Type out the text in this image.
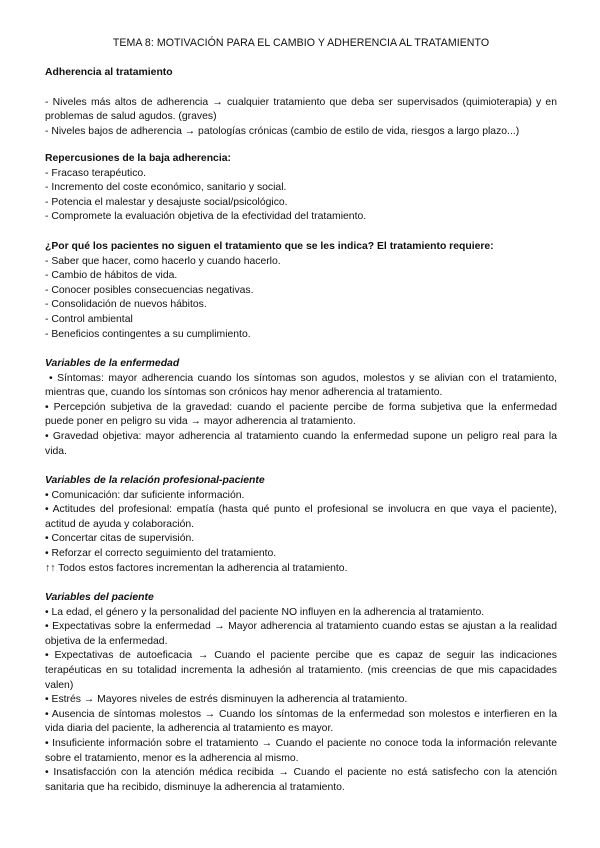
TEMA 8: MOTIVACIÓN PARA EL CAMBIO Y ADHERENCIA AL TRATAMIENTO

Adherencia al tratamiento

- Niveles más altos de adherencia → cualquier tratamiento que deba ser supervisados (quimioterapia) y en problemas de salud agudos. (graves)

- Niveles bajos de adherencia → patologías crónicas (cambio de estilo de vida, riesgos a largo plazo...)

Repercusiones de la baja adherencia:

- Fracaso terapéutico.

- Incremento del coste económico, sanitario y social.

- Potencia el malestar y desajuste social/psicológico.

- Compromete la evaluación objetiva de la efectividad del tratamiento.

¿Por qué los pacientes no siguen el tratamiento que se les indica? El tratamiento requiere:

- Saber que hacer, como hacerlo y cuando hacerlo.

- Cambio de hábitos de vida.

- Conocer posibles consecuencias negativas.

- Consolidación de nuevos hábitos.

- Control ambiental

- Beneficios contingentes a su cumplimiento.

Variables de la enfermedad

• Síntomas: mayor adherencia cuando los síntomas son agudos, molestos y se alivian con el tratamiento, mientras que, cuando los síntomas son crónicos hay menor adherencia al tratamiento.

• Percepción subjetiva de la gravedad: cuando el paciente percibe de forma subjetiva que la enfermedad puede poner en peligro su vida → mayor adherencia al tratamiento.

• Gravedad objetiva: mayor adherencia al tratamiento cuando la enfermedad supone un peligro real para la vida.

Variables de la relación profesional-paciente

• Comunicación: dar suficiente información.

• Actitudes del profesional: empatía (hasta qué punto el profesional se involucra en que vaya el paciente), actitud de ayuda y colaboración.

• Concertar citas de supervisión.

• Reforzar el correcto seguimiento del tratamiento.

↑↑ Todos estos factores incrementan la adherencia al tratamiento.

Variables del paciente

• La edad, el género y la personalidad del paciente NO influyen en la adherencia al tratamiento.

• Expectativas sobre la enfermedad → Mayor adherencia al tratamiento cuando estas se ajustan a la realidad objetiva de la enfermedad.

• Expectativas de autoeficacia → Cuando el paciente percibe que es capaz de seguir las indicaciones terapéuticas en su totalidad incrementa la adhesión al tratamiento. (mis creencias de que mis capacidades valen)

• Estrés → Mayores niveles de estrés disminuyen la adherencia al tratamiento.

• Ausencia de síntomas molestos → Cuando los síntomas de la enfermedad son molestos e interfieren en la vida diaria del paciente, la adherencia al tratamiento es mayor.

• Insuficiente información sobre el tratamiento → Cuando el paciente no conoce toda la información relevante sobre el tratamiento, menor es la adherencia al mismo.

• Insatisfacción con la atención médica recibida → Cuando el paciente no está satisfecho con la atención sanitaria que ha recibido, disminuye la adherencia al tratamiento.
